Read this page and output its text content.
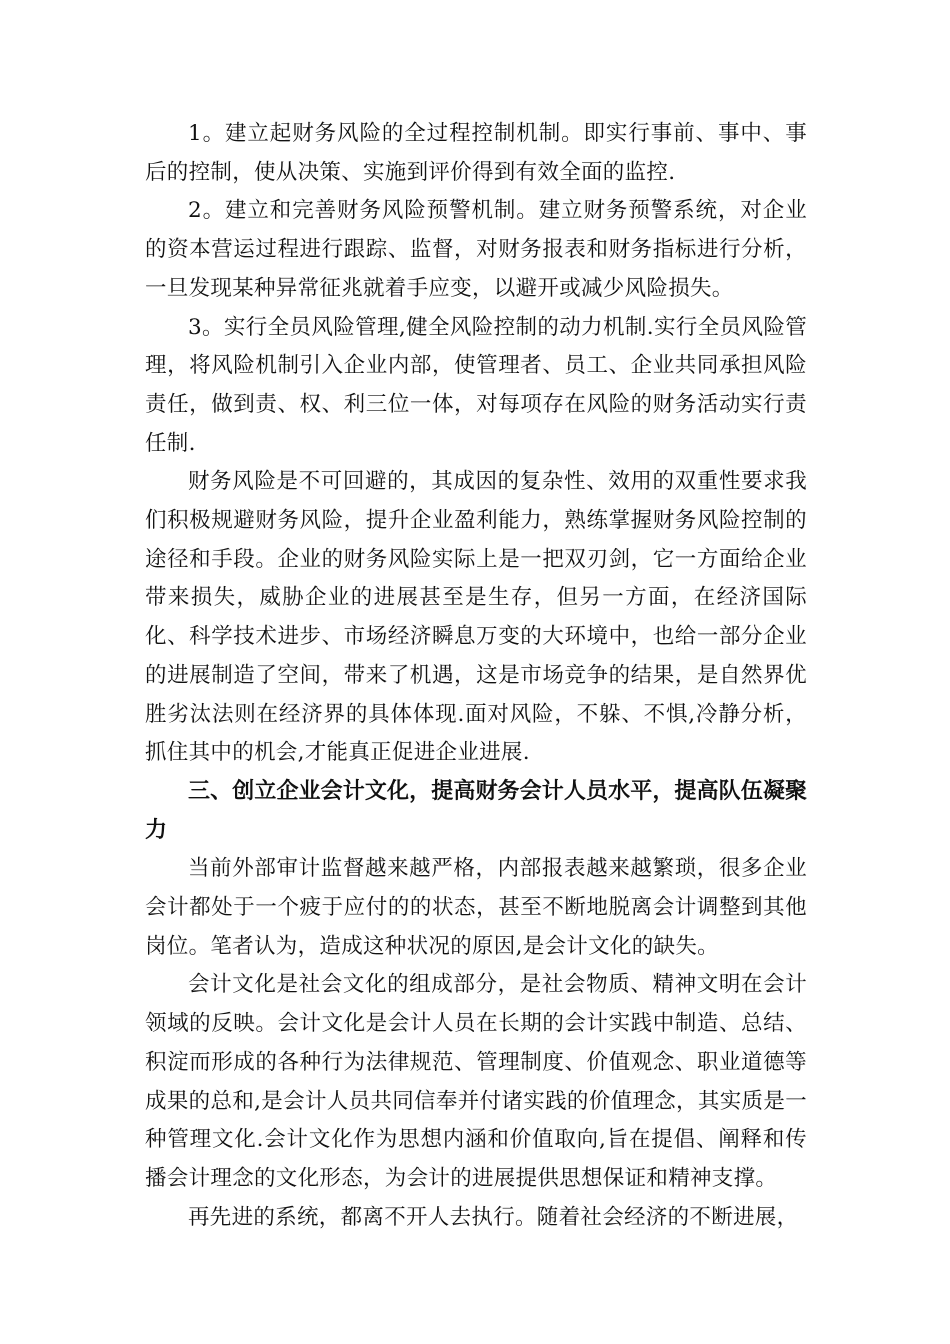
1。建立起财务风险的全过程控制机制。即实行事前、事中、事后的控制，使从决策、实施到评价得到有效全面的监控.

2。建立和完善财务风险预警机制。建立财务预警系统，对企业的资本营运过程进行跟踪、监督，对财务报表和财务指标进行分析，一旦发现某种异常征兆就着手应变，以避开或减少风险损失。

3。实行全员风险管理,健全风险控制的动力机制.实行全员风险管理，将风险机制引入企业内部，使管理者、员工、企业共同承担风险责任，做到责、权、利三位一体，对每项存在风险的财务活动实行责任制.

财务风险是不可回避的，其成因的复杂性、效用的双重性要求我们积极规避财务风险，提升企业盈利能力，熟练掌握财务风险控制的途径和手段。企业的财务风险实际上是一把双刃剑，它一方面给企业带来损失，威胁企业的进展甚至是生存，但另一方面，在经济国际化、科学技术进步、市场经济瞬息万变的大环境中，也给一部分企业的进展制造了空间，带来了机遇，这是市场竞争的结果，是自然界优胜劣汰法则在经济界的具体体现.面对风险，不躲、不惧,冷静分析，抓住其中的机会,才能真正促进企业进展.

三、创立企业会计文化，提高财务会计人员水平，提高队伍凝聚力

当前外部审计监督越来越严格，内部报表越来越繁琐，很多企业会计都处于一个疲于应付的的状态，甚至不断地脱离会计调整到其他岗位。笔者认为，造成这种状况的原因,是会计文化的缺失。

会计文化是社会文化的组成部分，是社会物质、精神文明在会计领域的反映。会计文化是会计人员在长期的会计实践中制造、总结、积淀而形成的各种行为法律规范、管理制度、价值观念、职业道德等成果的总和,是会计人员共同信奉并付诸实践的价值理念，其实质是一种管理文化.会计文化作为思想内涵和价值取向,旨在提倡、阐释和传播会计理念的文化形态，为会计的进展提供思想保证和精神支撑。

再先进的系统，都离不开人去执行。随着社会经济的不断进展，
